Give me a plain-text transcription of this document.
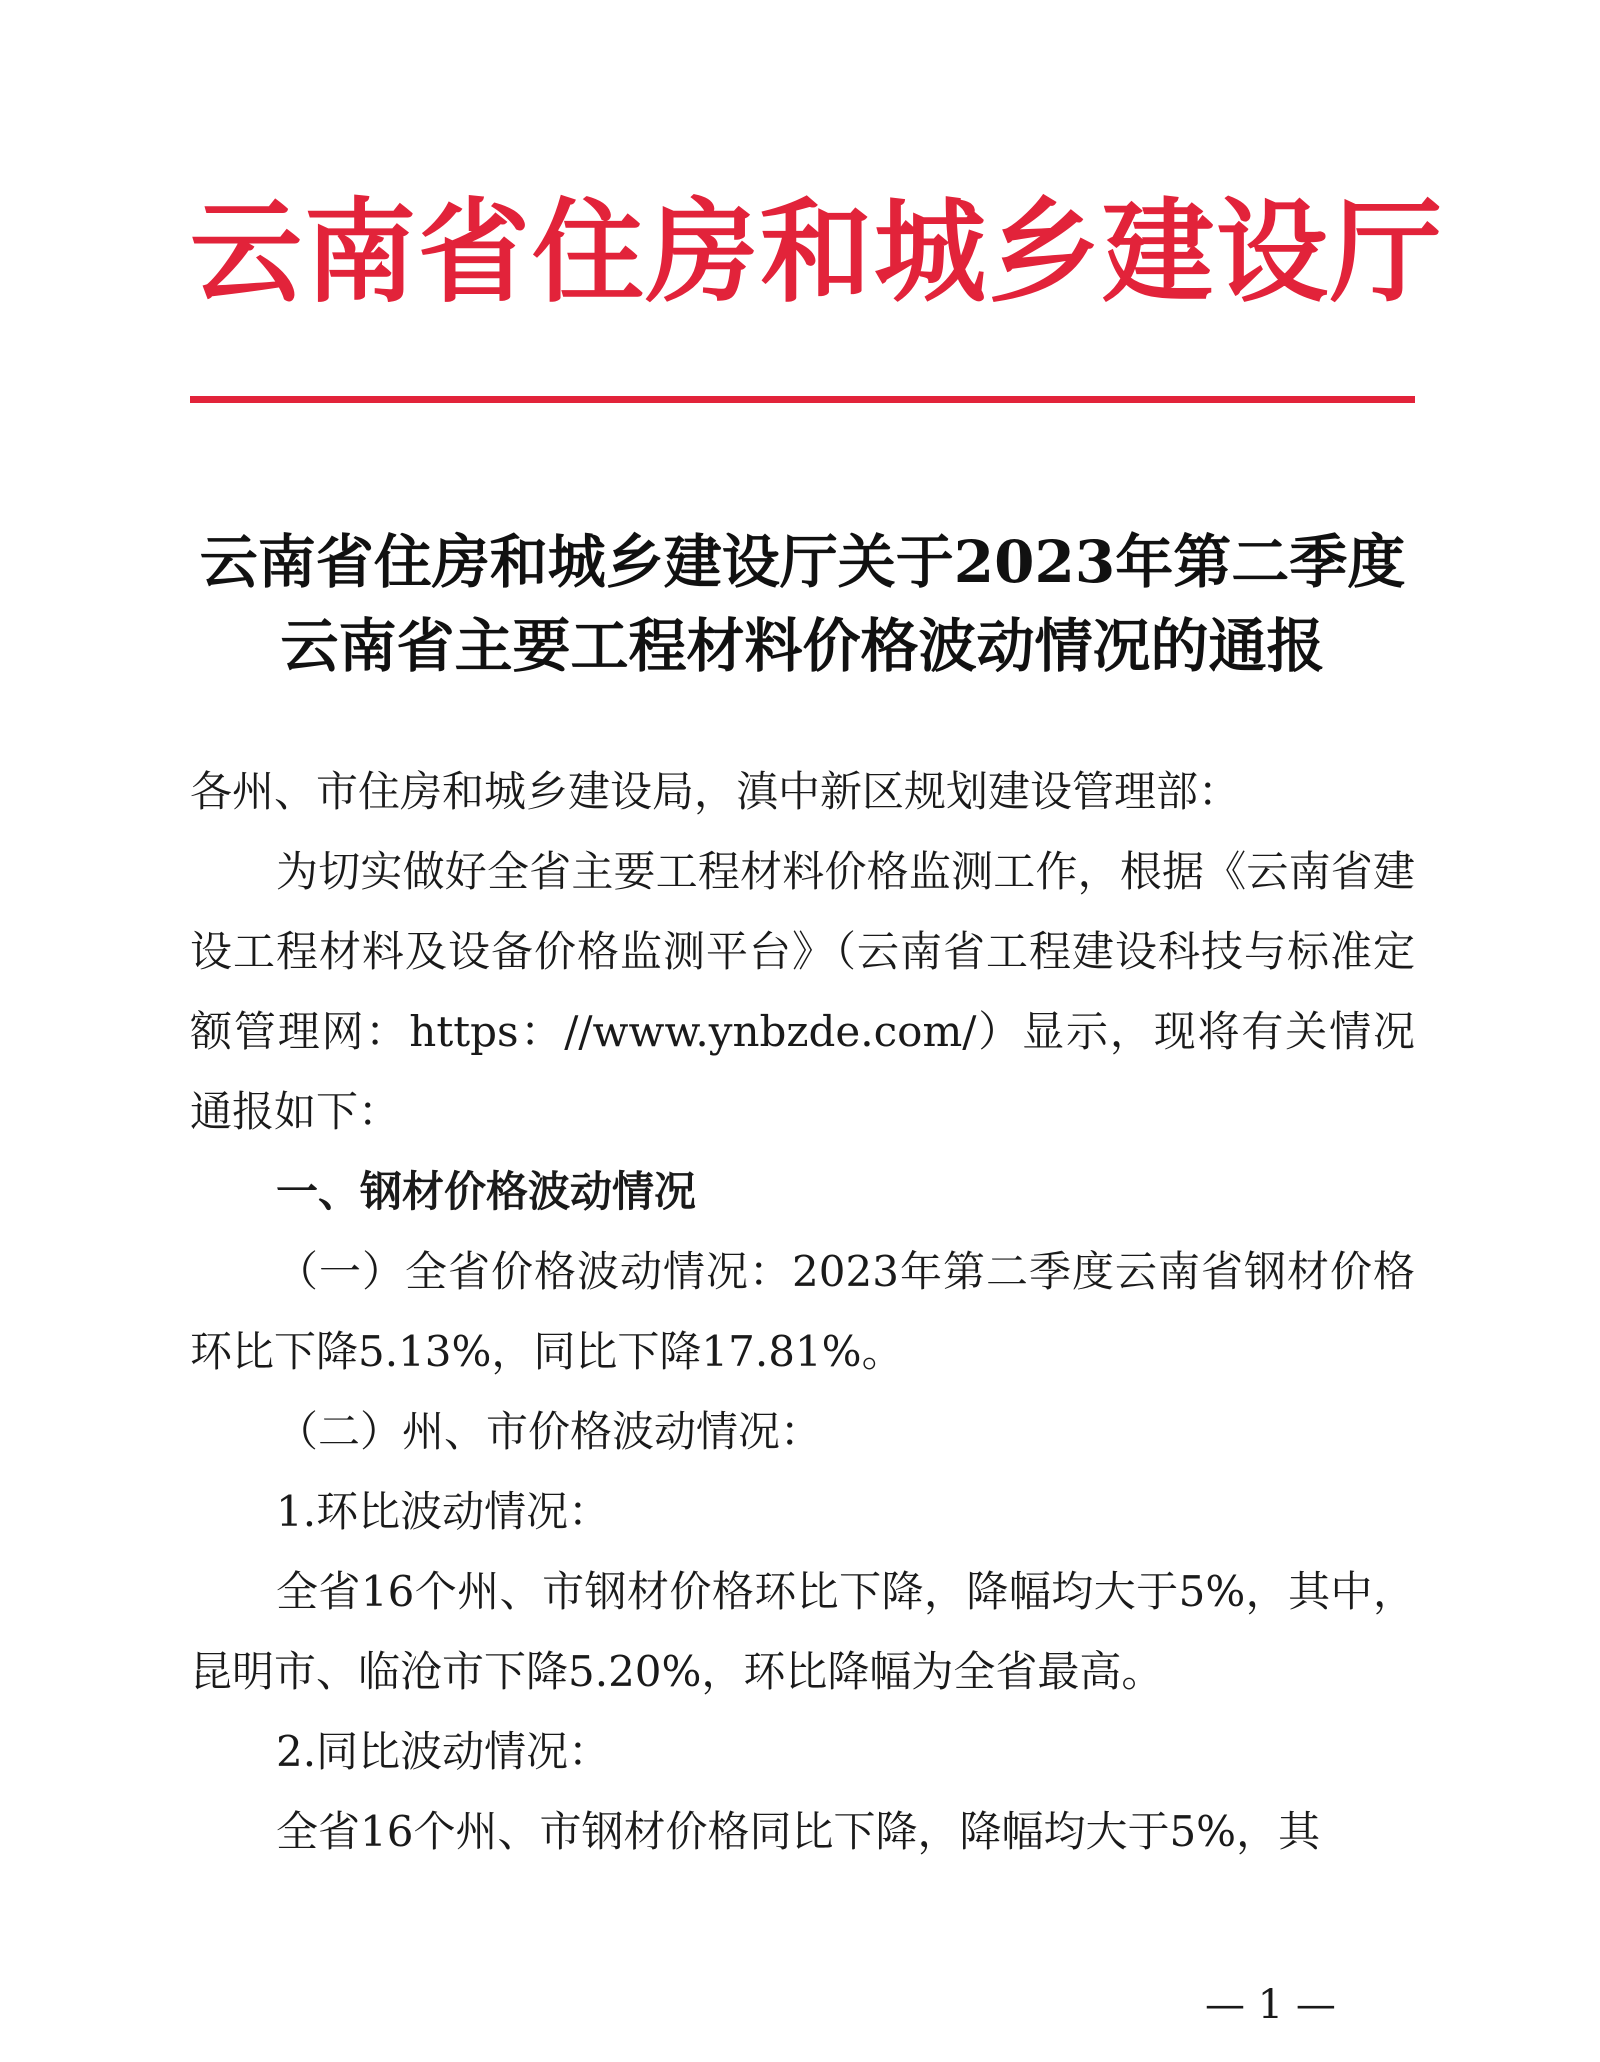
云南省住房和城乡建设厅
云南省住房和城乡建设厅关于2023年第二季度
云南省主要工程材料价格波动情况的通报

各州、市住房和城乡建设局，滇中新区规划建设管理部：

为切实做好全省主要工程材料价格监测工作，根据《云南省建设工程材料及设备价格监测平台》（云南省工程建设科技与标准定额管理网：https：//www.ynbzde.com/）显示，现将有关情况通报如下：

一、钢材价格波动情况

（一）全省价格波动情况：2023年第二季度云南省钢材价格环比下降5.13%，同比下降17.81%。

（二）州、市价格波动情况：

1.环比波动情况：

全省16个州、市钢材价格环比下降，降幅均大于5%，其中，昆明市、临沧市下降5.20%，环比降幅为全省最高。

2.同比波动情况：

全省16个州、市钢材价格同比下降，降幅均大于5%，其

— 1 —
